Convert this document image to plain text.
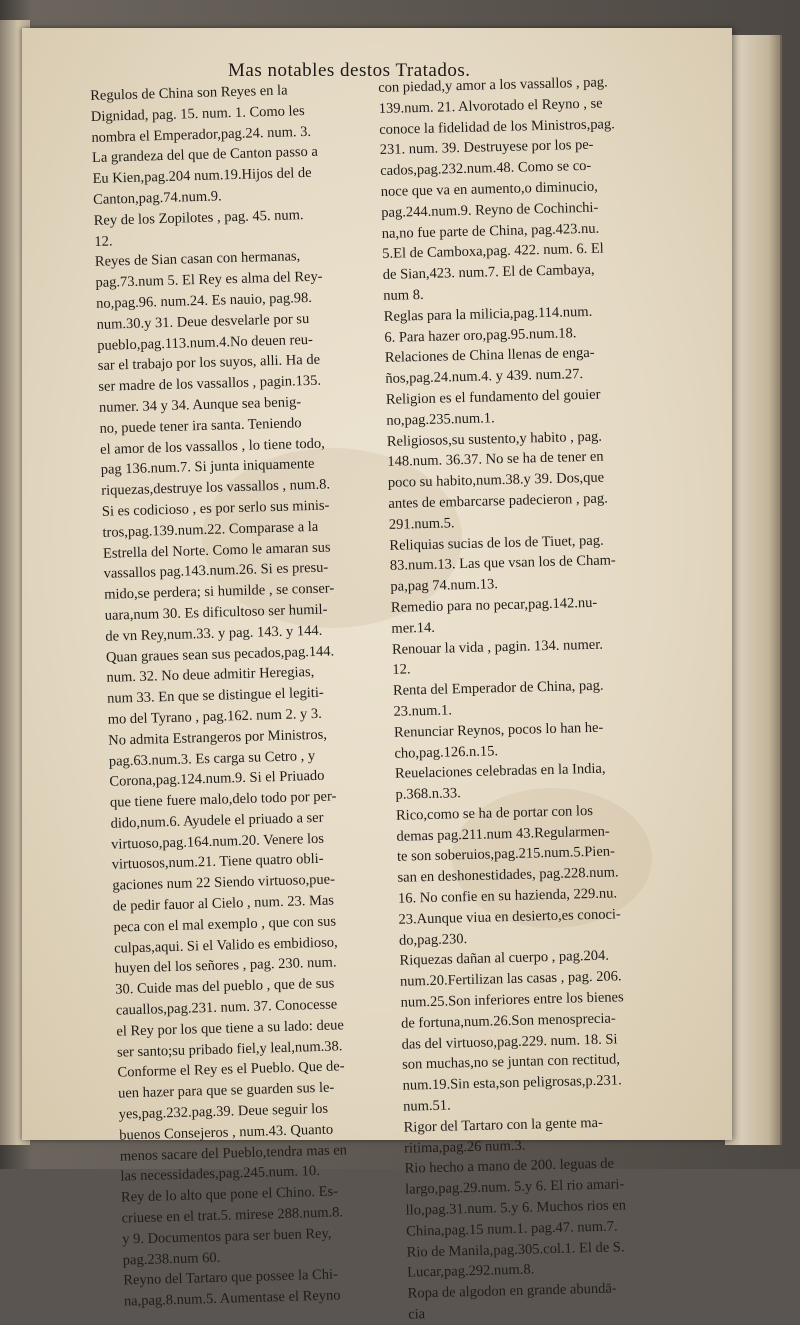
Mas notables destos Tratados.
Regulos de China son Reyes en la
Dignidad, pag. 15. num. 1. Como les
nombra el Emperador,pag.24. num. 3.
La grandeza del que de Canton passo a
Eu Kien,pag.204 num.19.Hijos del de
Canton,pag.74.num.9.
Rey de los Zopilotes , pag. 45. num.
12.
Reyes de Sian casan con hermanas,
pag.73.num 5. El Rey es alma del Rey-
no,pag.96. num.24. Es nauio, pag.98.
num.30.y 31. Deue desvelarle por su
pueblo,pag.113.num.4.No deuen reu-
sar el trabajo por los suyos, alli. Ha de
ser madre de los vassallos , pagin.135.
numer. 34 y 34. Aunque sea benig-
no, puede tener ira santa. Teniendo
el amor de los vassallos , lo tiene todo,
pag 136.num.7. Si junta iniquamente
riquezas,destruye los vassallos , num.8.
Si es codicioso , es por serlo sus minis-
tros,pag.139.num.22. Comparase a la
Estrella del Norte. Como le amaran sus
vassallos pag.143.num.26. Si es presu-
mido,se perdera; si humilde , se conser-
uara,num 30. Es dificultoso ser humil-
de vn Rey,num.33. y pag. 143. y 144.
Quan graues sean sus pecados,pag.144.
num. 32. No deue admitir Heregias,
num 33. En que se distingue el legiti-
mo del Tyrano , pag.162. num 2. y 3.
No admita Estrangeros por Ministros,
pag.63.num.3. Es carga su Cetro , y
Corona,pag.124.num.9. Si el Priuado
que tiene fuere malo,delo todo por per-
dido,num.6. Ayudele el priuado a ser
virtuoso,pag.164.num.20. Venere los
virtuosos,num.21. Tiene quatro obli-
gaciones num 22 Siendo virtuoso,pue-
de pedir fauor al Cielo , num. 23. Mas
peca con el mal exemplo , que con sus
culpas,aqui. Si el Valido es embidioso,
huyen del los señores , pag. 230. num.
30. Cuide mas del pueblo , que de sus
cauallos,pag.231. num. 37. Conocesse
el Rey por los que tiene a su lado: deue
ser santo;su pribado fiel,y leal,num.38.
Conforme el Rey es el Pueblo. Que de-
uen hazer para que se guarden sus le-
yes,pag.232.pag.39. Deue seguir los
buenos Consejeros , num.43. Quanto
menos sacare del Pueblo,tendra mas en
las necessidades,pag.245.num. 10.
Rey de lo alto que pone el Chino. Es-
criuese en el trat.5. mirese 288.num.8.
y 9. Documentos para ser buen Rey,
pag.238.num 60.
Reyno del Tartaro que possee la Chi-
na,pag.8.num.5. Aumentase el Reyno
con piedad,y amor a los vassallos , pag.
139.num. 21. Alvorotado el Reyno , se
conoce la fidelidad de los Ministros,pag.
231. num. 39. Destruyese por los pe-
cados,pag.232.num.48. Como se co-
noce que va en aumento,o diminucio,
pag.244.num.9. Reyno de Cochinchi-
na,no fue parte de China, pag.423.nu.
5.El de Camboxa,pag. 422. num. 6. El
de Sian,423. num.7. El de Cambaya,
num 8.
Reglas para la milicia,pag.114.num.
6. Para hazer oro,pag.95.num.18.
Relaciones de China llenas de enga-
ños,pag.24.num.4. y 439. num.27.
Religion es el fundamento del gouier
no,pag.235.num.1.
Religiosos,su sustento,y habito , pag.
148.num. 36.37. No se ha de tener en
poco su habito,num.38.y 39. Dos,que
antes de embarcarse padecieron , pag.
291.num.5.
Reliquias sucias de los de Tiuet, pag.
83.num.13. Las que vsan los de Cham-
pa,pag 74.num.13.
Remedio para no pecar,pag.142.nu-
mer.14.
Renouar la vida , pagin. 134. numer.
12.
Renta del Emperador de China, pag.
23.num.1.
Renunciar Reynos, pocos lo han he-
cho,pag.126.n.15.
Reuelaciones celebradas en la India,
p.368.n.33.
Rico,como se ha de portar con los
demas pag.211.num 43.Regularmen-
te son soberuios,pag.215.num.5.Pien-
san en deshonestidades, pag.228.num.
16. No confie en su hazienda, 229.nu.
23.Aunque viua en desierto,es conoci-
do,pag.230.
Riquezas dañan al cuerpo , pag.204.
num.20.Fertilizan las casas , pag. 206.
num.25.Son inferiores entre los bienes
de fortuna,num.26.Son menospreciа-
das del virtuoso,pag.229. num. 18. Si
son muchas,no se juntan con rectitud,
num.19.Sin esta,son peligrosas,p.231.
num.51.
Rigor del Tartaro con la gente ma-
ritima,pag.26 num.3.
Rio hecho a mano de 200. leguas de
largo,pag.29.num. 5.y 6. El rio amari-
llo,pag.31.num. 5.y 6. Muchos rios en
China,pag.15 num.1. pag.47. num.7.
Rio de Manila,pag.305.col.1. El de S.
Lucar,pag.292.num.8.
Ropa de algodon en grande abundā-
cia
